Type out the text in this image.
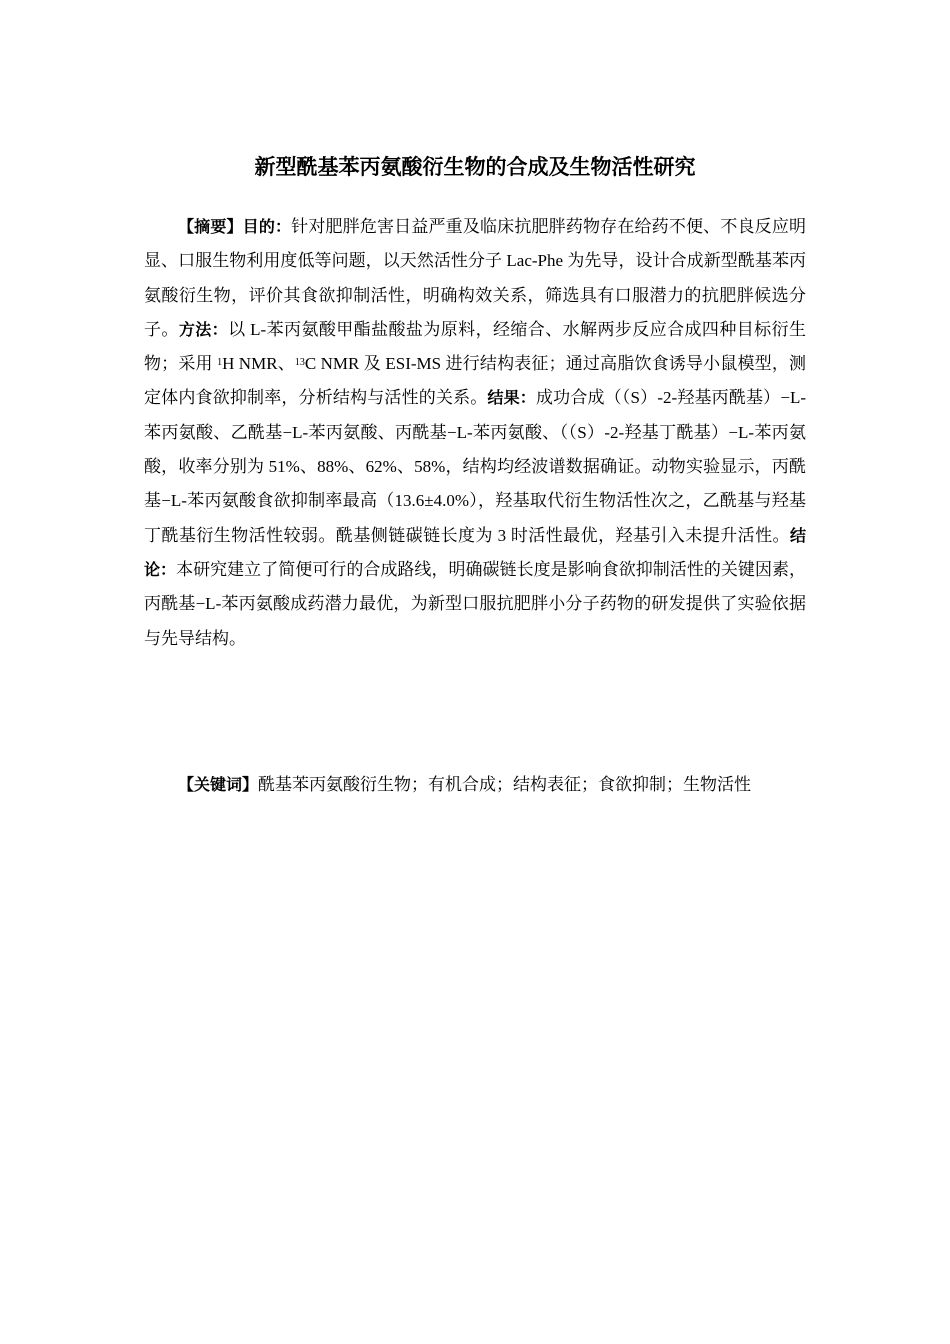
新型酰基苯丙氨酸衍生物的合成及生物活性研究

【摘要】目的：针对肥胖危害日益严重及临床抗肥胖药物存在给药不便、不良反应明显、口服生物利用度低等问题，以天然活性分子 Lac-Phe 为先导，设计合成新型酰基苯丙氨酸衍生物，评价其食欲抑制活性，明确构效关系，筛选具有口服潜力的抗肥胖候选分子。方法：以 L-苯丙氨酸甲酯盐酸盐为原料，经缩合、水解两步反应合成四种目标衍生物；采用 $^1$H NMR、$^{13}$C NMR 及 ESI-MS 进行结构表征；通过高脂饮食诱导小鼠模型，测定体内食欲抑制率，分析结构与活性的关系。结果：成功合成（（S）-2-羟基丙酰基）−L-苯丙氨酸、乙酰基−L-苯丙氨酸、丙酰基−L-苯丙氨酸、（（S）-2-羟基丁酰基）−L-苯丙氨酸，收率分别为 51%、88%、62%、58%，结构均经波谱数据确证。动物实验显示，丙酰基−L-苯丙氨酸食欲抑制率最高（13.6±4.0%），羟基取代衍生物活性次之，乙酰基与羟基丁酰基衍生物活性较弱。酰基侧链碳链长度为 3 时活性最优，羟基引入未提升活性。结论：本研究建立了简便可行的合成路线，明确碳链长度是影响食欲抑制活性的关键因素，丙酰基−L-苯丙氨酸成药潜力最优，为新型口服抗肥胖小分子药物的研发提供了实验依据与先导结构。

【关键词】酰基苯丙氨酸衍生物；有机合成；结构表征；食欲抑制；生物活性
